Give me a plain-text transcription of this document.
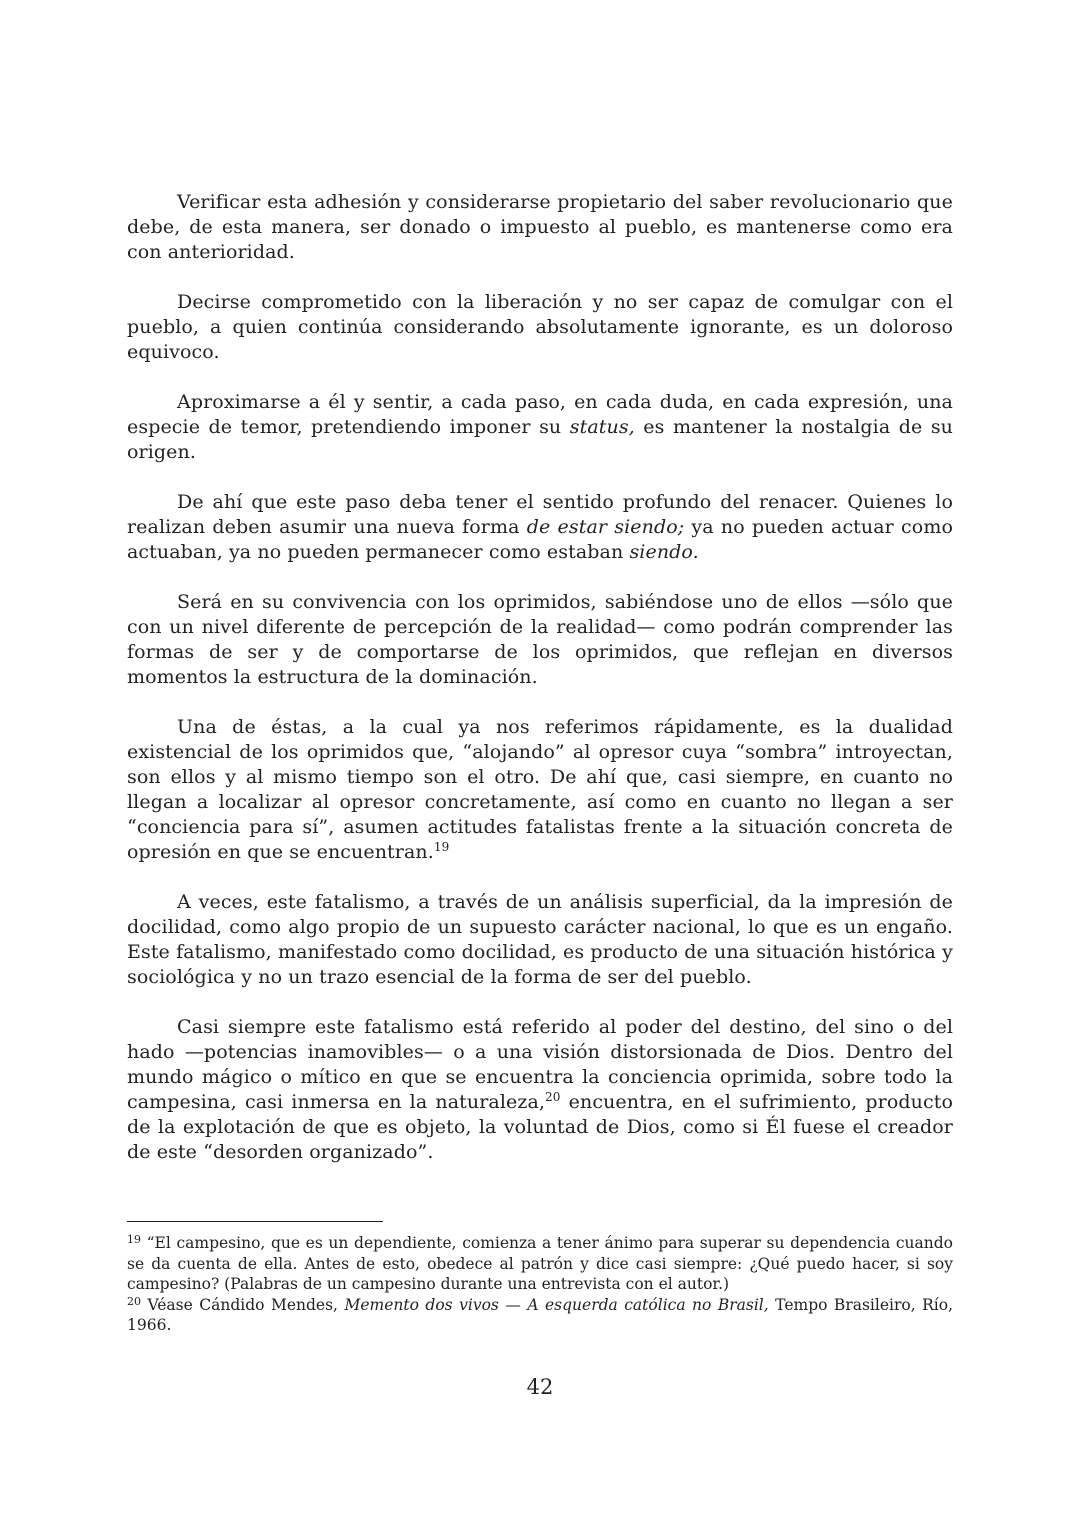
Verificar esta adhesión y considerarse propietario del saber revolucionario que debe, de esta manera, ser donado o impuesto al pueblo, es mantenerse como era con anterioridad.

Decirse comprometido con la liberación y no ser capaz de comulgar con el pueblo, a quien continúa considerando absolutamente ignorante, es un doloroso equivoco.

Aproximarse a él y sentir, a cada paso, en cada duda, en cada expresión, una especie de temor, pretendiendo imponer su status, es mantener la nostalgia de su origen.

De ahí que este paso deba tener el sentido profundo del renacer. Quienes lo realizan deben asumir una nueva forma de estar siendo; ya no pueden actuar como actuaban, ya no pueden permanecer como estaban siendo.

Será en su convivencia con los oprimidos, sabiéndose uno de ellos —sólo que con un nivel diferente de percepción de la realidad— como podrán comprender las formas de ser y de comportarse de los oprimidos, que reflejan en diversos momentos la estructura de la dominación.

Una de éstas, a la cual ya nos referimos rápidamente, es la dualidad existencial de los oprimidos que, “alojando” al opresor cuya “sombra” introyectan, son ellos y al mismo tiempo son el otro. De ahí que, casi siempre, en cuanto no llegan a localizar al opresor concretamente, así como en cuanto no llegan a ser “conciencia para sí”, asumen actitudes fatalistas frente a la situación concreta de opresión en que se encuentran.$^{19}$

A veces, este fatalismo, a través de un análisis superficial, da la impresión de docilidad, como algo propio de un supuesto carácter nacional, lo que es un engaño. Este fatalismo, manifestado como docilidad, es producto de una situación histórica y sociológica y no un trazo esencial de la forma de ser del pueblo.

Casi siempre este fatalismo está referido al poder del destino, del sino o del hado —potencias inamovibles— o a una visión distorsionada de Dios. Dentro del mundo mágico o mítico en que se encuentra la conciencia oprimida, sobre todo la campesina, casi inmersa en la naturaleza,$^{20}$ encuentra, en el sufrimiento, producto de la explotación de que es objeto, la voluntad de Dios, como si Él fuese el creador de este “desorden organizado”.

$^{19}$ “El campesino, que es un dependiente, comienza a tener ánimo para superar su dependencia cuando se da cuenta de ella. Antes de esto, obedece al patrón y dice casi siempre: ¿Qué puedo hacer, si soy campesino? (Palabras de un campesino durante una entrevista con el autor.)

$^{20}$ Véase Cándido Mendes, Memento dos vivos — A esquerda católica no Brasil, Tempo Brasileiro, Río, 1966.

42
